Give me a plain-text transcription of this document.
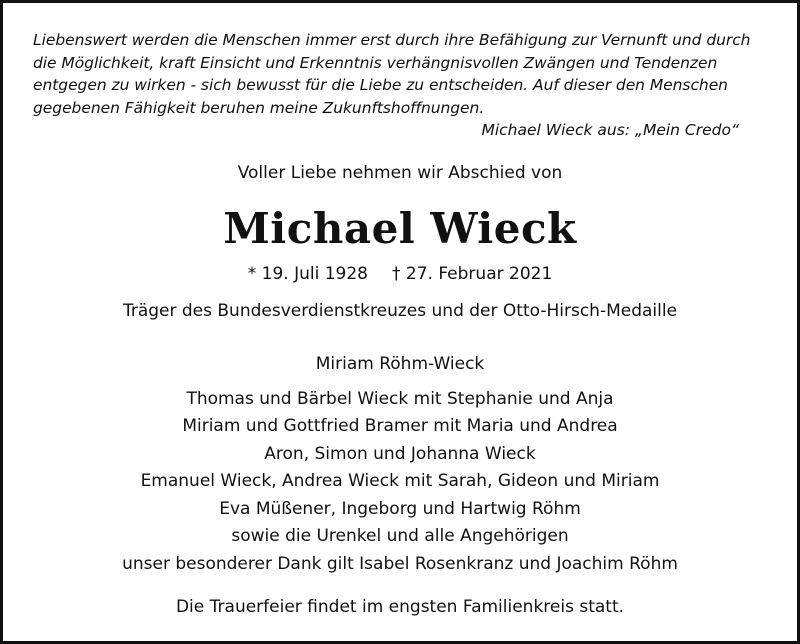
Liebenswert werden die Menschen immer erst durch ihre Befähigung zur Vernunft und durch
die Möglichkeit, kraft Einsicht und Erkenntnis verhängnisvollen Zwängen und Tendenzen
entgegen zu wirken - sich bewusst für die Liebe zu entscheiden. Auf dieser den Menschen
gegebenen Fähigkeit beruhen meine Zukunftshoffnungen.

Michael Wieck aus: „Mein Credo“

Voller Liebe nehmen wir Abschied von
Michael Wieck
* 19. Juli 1928 † 27. Februar 2021
Träger des Bundesverdienstkreuzes und der Otto-Hirsch-Medaille
Miriam Röhm-Wieck
Thomas und Bärbel Wieck mit Stephanie und Anja
Miriam und Gottfried Bramer mit Maria und Andrea
Aron, Simon und Johanna Wieck
Emanuel Wieck, Andrea Wieck mit Sarah, Gideon und Miriam
Eva Müßener, Ingeborg und Hartwig Röhm
sowie die Urenkel und alle Angehörigen
unser besonderer Dank gilt Isabel Rosenkranz und Joachim Röhm
Die Trauerfeier findet im engsten Familienkreis statt.
